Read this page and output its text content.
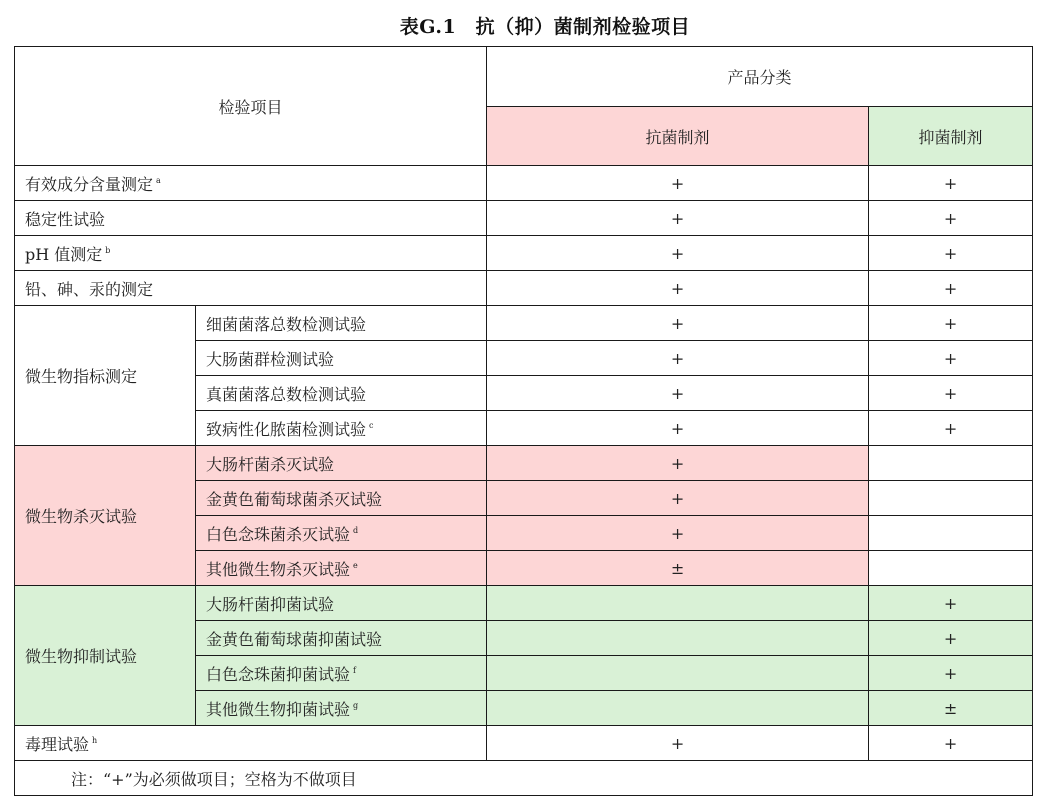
表G.1　抗（抑）菌制剂检验项目
检验项目		产品分类	
		抗菌制剂	抑菌制剂
有效成分含量测定 $^a$		+	+
稳定性试验		+	+
pH 值测定 $^b$		+	+
铅、砷、汞的测定		+	+
微生物指标测定	细菌菌落总数检测试验	+	+
	大肠菌群检测试验	+	+
	真菌菌落总数检测试验	+	+
	致病性化脓菌检测试验 $^c$	+	+
微生物杀灭试验	大肠杆菌杀灭试验	+	
	金黄色葡萄球菌杀灭试验	+	
	白色念珠菌杀灭试验 $^d$	+	
	其他微生物杀灭试验 $^e$	±	
微生物抑制试验	大肠杆菌抑菌试验		+
	金黄色葡萄球菌抑菌试验		+
	白色念珠菌抑菌试验 $^f$		+
	其他微生物抑菌试验 $^g$		±
毒理试验 $^h$		+	+
注：“+”为必须做项目；空格为不做项目			
